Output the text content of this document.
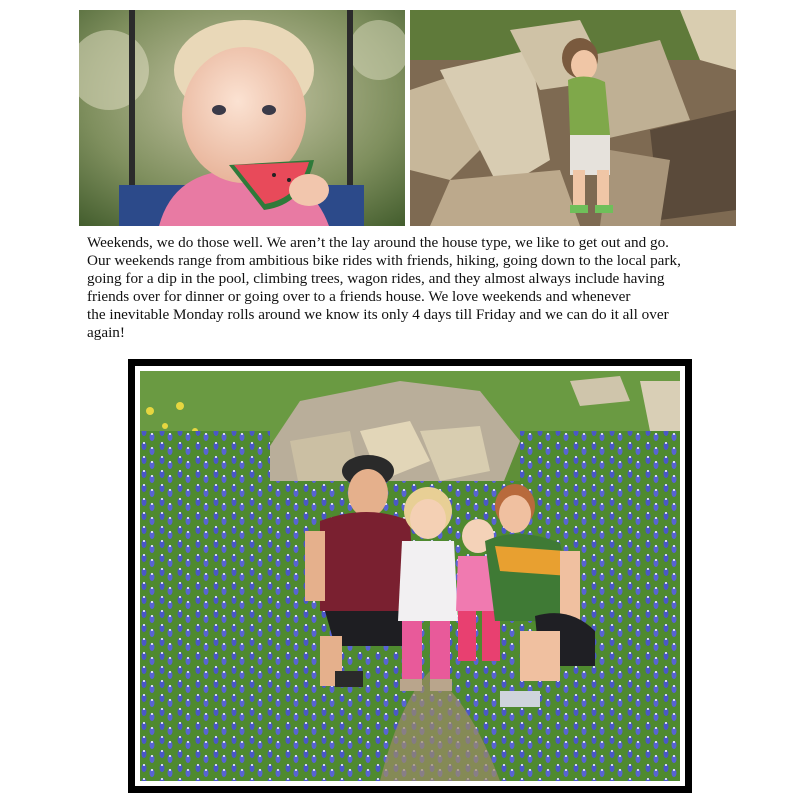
Weekends, we do those well. We aren’t the lay around the house type, we like to get out and go.
Our weekends range from ambitious bike rides with friends, hiking, going down to the local park,
going for a dip in the pool, climbing trees, wagon rides, and they almost always include having
friends over for dinner or going over to a friends house. We love weekends and whenever
the inevitable Monday rolls around we know its only 4 days till Friday and we can do it all over
again!
